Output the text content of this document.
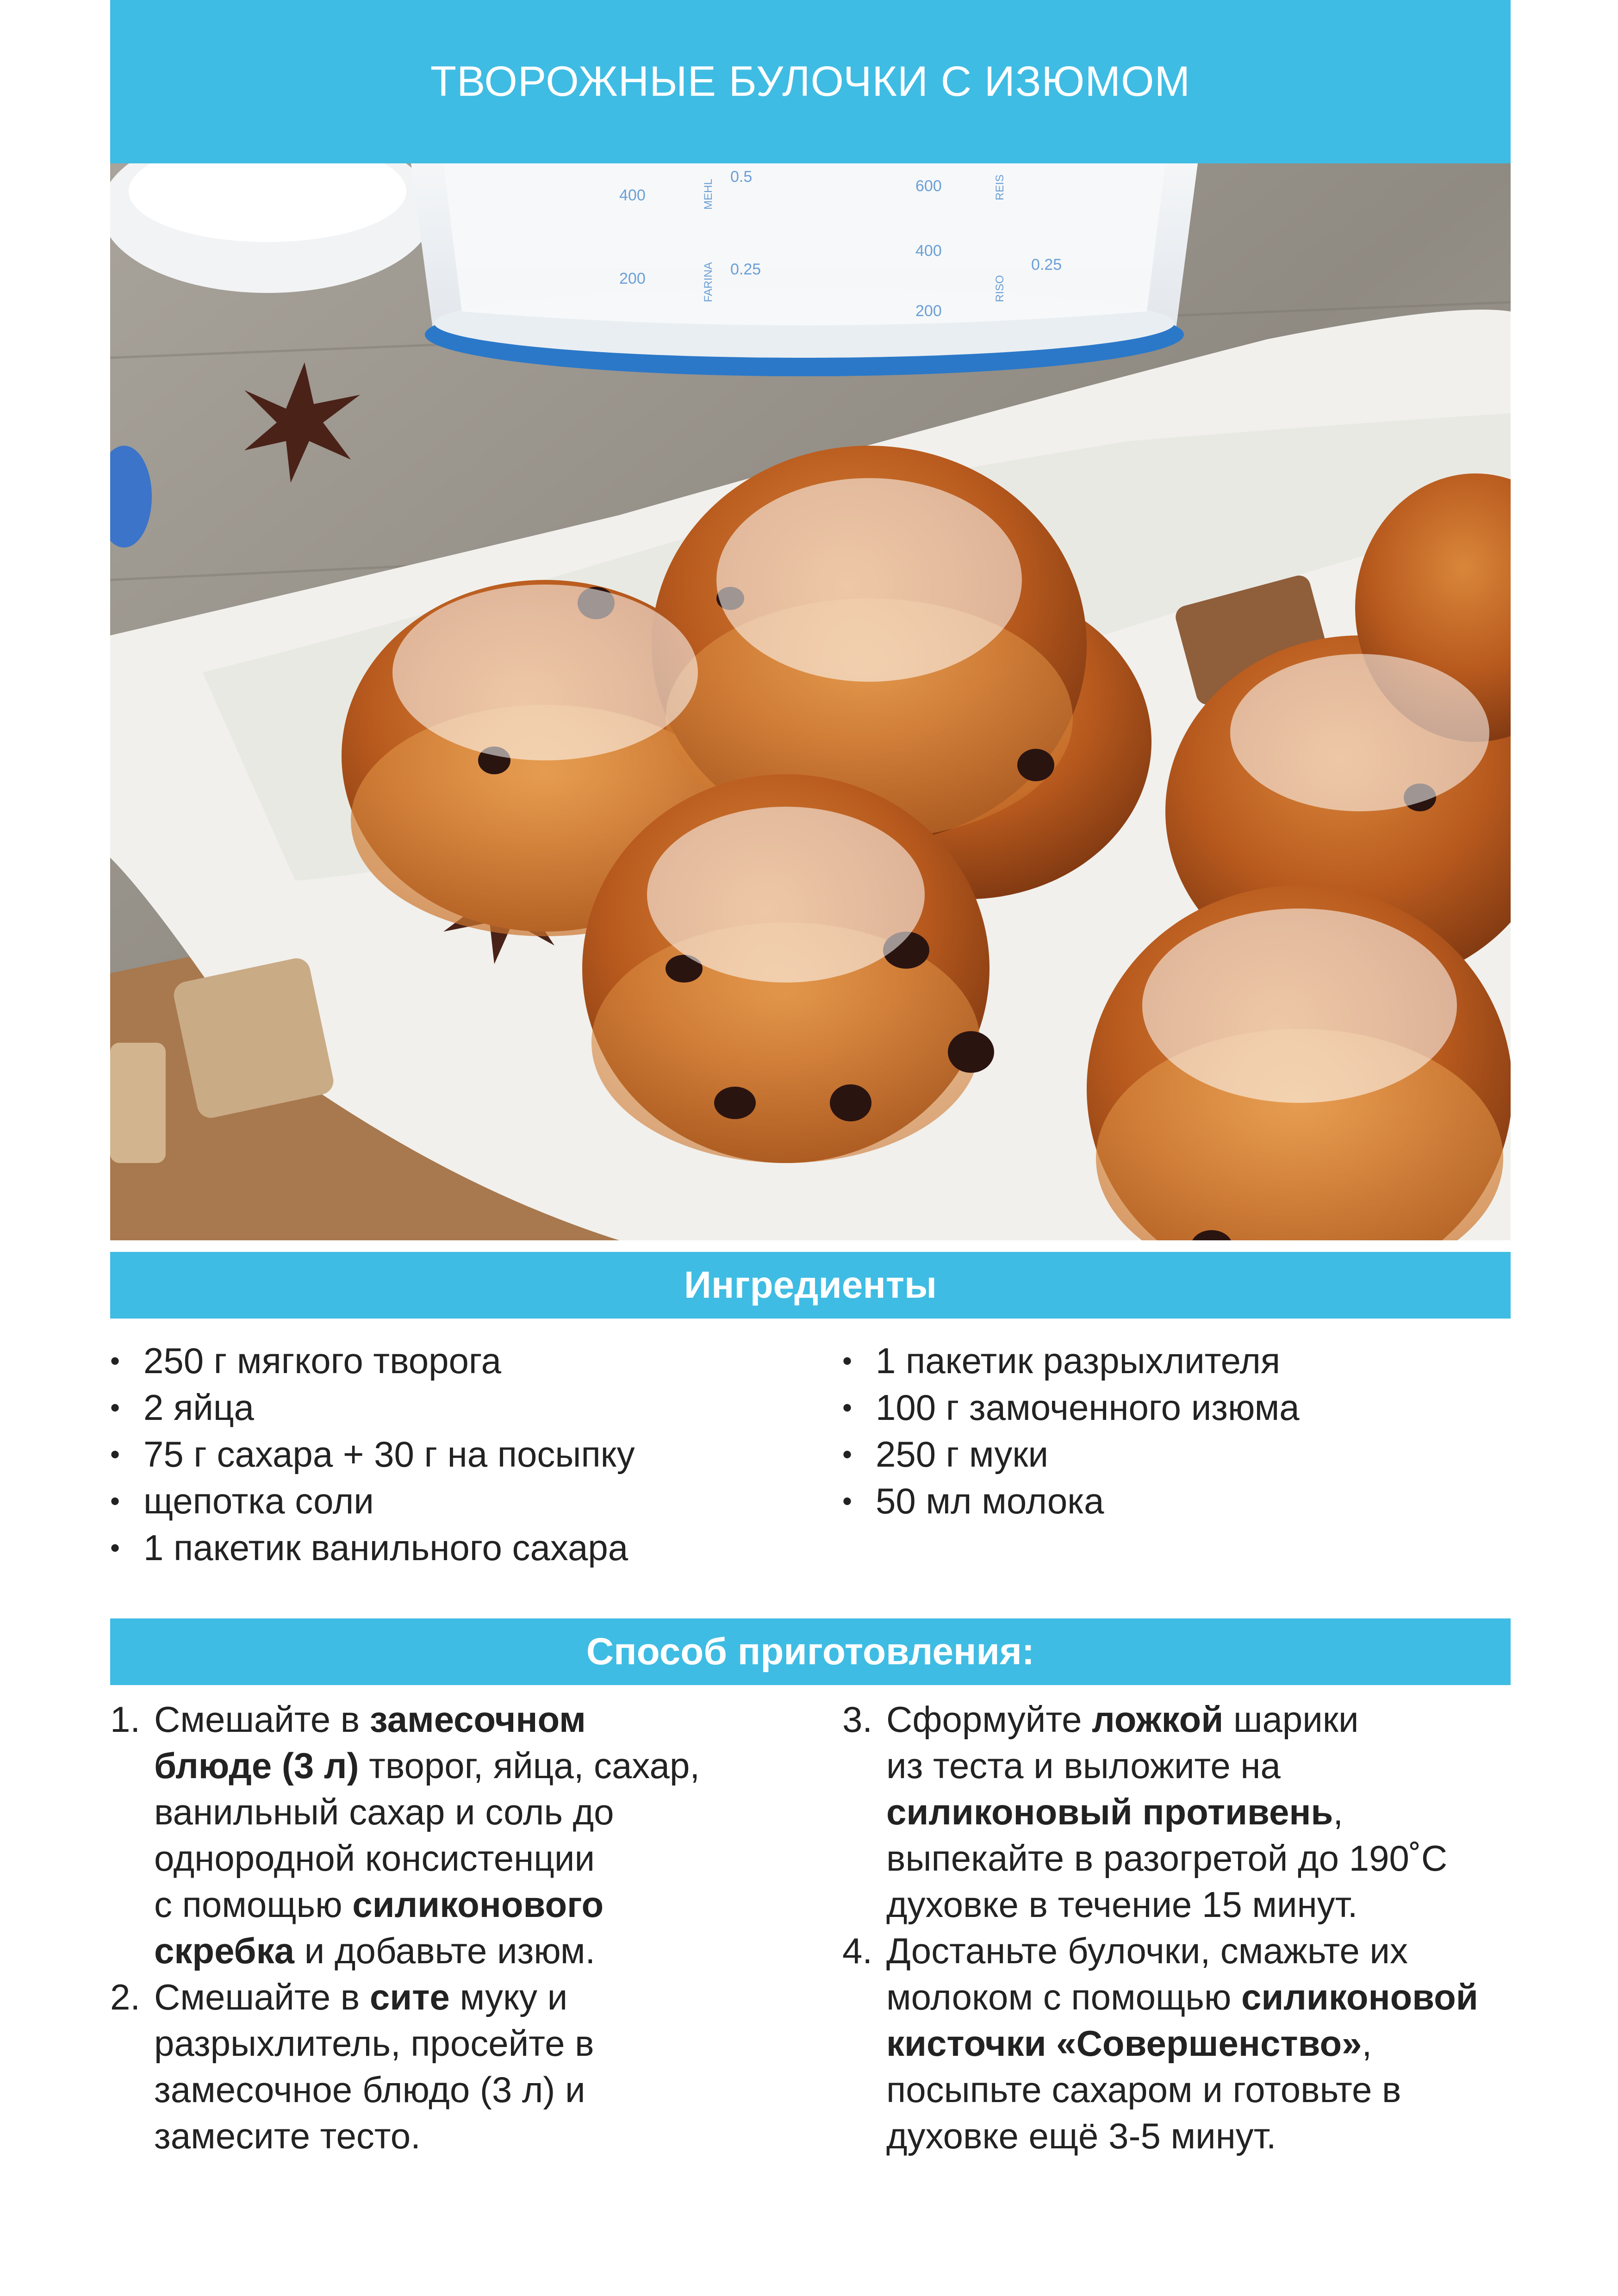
ТВОРОЖНЫЕ БУЛОЧКИ С ИЗЮМОМ
400
200
0.5
0.25
600
400
200
0.25
MEHL
FARINA	RISO
REIS
Ингредиенты
• 250 г мягкого творога
• 2 яйца
• 75 г сахара + 30 г на посыпку
• щепотка соли
• 1 пакетик ванильного сахара
• 1 пакетик разрыхлителя
• 100 г замоченного изюма
• 250 г муки
• 50 мл молока
Способ приготовления:
1. Смешайте в замесочном
блюде (3 л) творог, яйца, сахар,
ванильный сахар и соль до
однородной консистенции
с помощью силиконового
скребка и добавьте изюм.
2. Смешайте в сите муку и
разрыхлитель, просейте в
замесочное блюдо (3 л) и
замесите тесто.
3. Сформуйте ложкой шарики
из теста и выложите на
силиконовый противень,
выпекайте в разогретой до 190˚С
духовке в течение 15 минут.
4. Достаньте булочки, смажьте их
молоком с помощью силиконовой
кисточки «Совершенство»,
посыпьте сахаром и готовьте в
духовке ещё 3-5 минут.
